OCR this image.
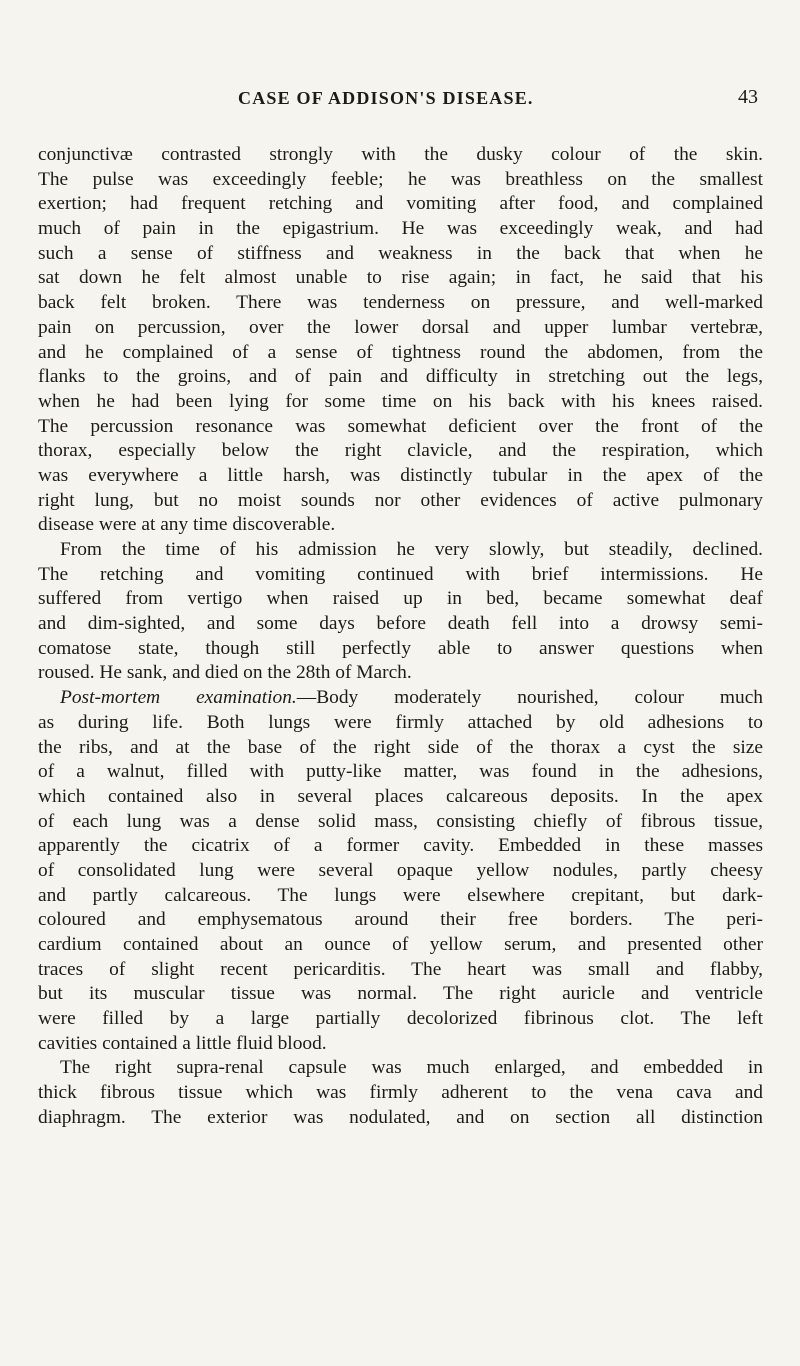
CASE OF ADDISON'S DISEASE.	43
conjunctivæ contrasted strongly with the dusky colour of the skin.
The pulse was exceedingly feeble; he was breathless on the smallest
exertion; had frequent retching and vomiting after food, and complained
much of pain in the epigastrium. He was exceedingly weak, and had
such a sense of stiffness and weakness in the back that when he
sat down he felt almost unable to rise again; in fact, he said that his
back felt broken. There was tenderness on pressure, and well-marked
pain on percussion, over the lower dorsal and upper lumbar vertebræ,
and he complained of a sense of tightness round the abdomen, from the
flanks to the groins, and of pain and difficulty in stretching out the legs,
when he had been lying for some time on his back with his knees raised.
The percussion resonance was somewhat deficient over the front of the
thorax, especially below the right clavicle, and the respiration, which
was everywhere a little harsh, was distinctly tubular in the apex of the
right lung, but no moist sounds nor other evidences of active pulmonary
disease were at any time discoverable.
From the time of his admission he very slowly, but steadily, declined.
The retching and vomiting continued with brief intermissions. He
suffered from vertigo when raised up in bed, became somewhat deaf
and dim-sighted, and some days before death fell into a drowsy semi-
comatose state, though still perfectly able to answer questions when
roused. He sank, and died on the 28th of March.
Post-mortem examination.—Body moderately nourished, colour much
as during life. Both lungs were firmly attached by old adhesions to
the ribs, and at the base of the right side of the thorax a cyst the size
of a walnut, filled with putty-like matter, was found in the adhesions,
which contained also in several places calcareous deposits. In the apex
of each lung was a dense solid mass, consisting chiefly of fibrous tissue,
apparently the cicatrix of a former cavity. Embedded in these masses
of consolidated lung were several opaque yellow nodules, partly cheesy
and partly calcareous. The lungs were elsewhere crepitant, but dark-
coloured and emphysematous around their free borders. The peri-
cardium contained about an ounce of yellow serum, and presented other
traces of slight recent pericarditis. The heart was small and flabby,
but its muscular tissue was normal. The right auricle and ventricle
were filled by a large partially decolorized fibrinous clot. The left
cavities contained a little fluid blood.
The right supra-renal capsule was much enlarged, and embedded in
thick fibrous tissue which was firmly adherent to the vena cava and
diaphragm. The exterior was nodulated, and on section all distinction
